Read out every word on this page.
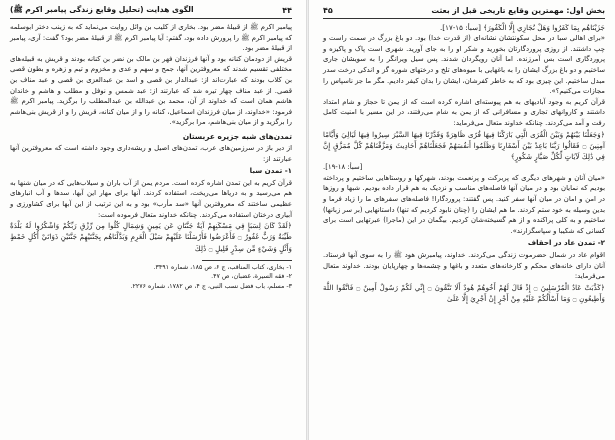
۴۴
الگوی هدایت (تحلیل وقایع زندگی پیامبر اکرم ﷺ)

پیامبر اکرم ﷺ از قبیلهٔ مضر بود. بخاری از کلیب بن وائل روایت می‌نماید که به زینب دختر ابوسلمه که پیامبر اکرم ﷺ را پرورش داده بود، گفتم: آیا پیامبر اکرم ﷺ از قبیلهٔ مضر بود؟ گفت: آری، پیامبر از قبیلهٔ مضر بود.

قریش از دودمان کنانه بود و آنها فرزندان فهر بن مالک بن نضر بن کنانه بودند و قریش به قبیله‌های مختلفی تقسیم شدند که معروفترین آنها، جمح و سهم و عدی و مخزوم و تیم و زهره و بطون قصی بن کلاب بودند که عبارت‌اند از: عبدالدار بن قصی و اسد بن عبدالعزی بن قصی و عبد مناف بن قصی. از عبد مناف چهار تیره شد که عبارتند از: عبد شمس و نوفل و مطلب و هاشم و خاندان هاشم همان است که خداوند از آن، محمد بن عبدالله بن عبدالمطلب را برگزید. پیامبر اکرم ﷺ فرمود: «خداوند، از میان فرزندان اسماعیل، کنانه را و از میان کنانه، قریش را و از قریش بنی‌هاشم را برگزید و از میان بنی‌هاشم، مرا برگزید».

تمدن‌های شبه جزیره عربستان

از دیر باز در سرزمین‌های عرب، تمدن‌های اصیل و ریشه‌داری وجود داشته است که معروفترین آنها عبارتند از:

۱- تمدن سبا

قرآن کریم به این تمدن اشاره کرده است. مردم یمن از آب باران و سیلاب‌هایی که در میان شنها به هم می‌رسید و به دریاها می‌ریخت، استفاده کردند. آنها برای مهار این آبها، سدها و آب انبارهای عظیمی ساختند که معروفترین آنها «سد مأرب» بود و به این ترتیب از این آبها برای کشاورزی و آبیاری درختان استفاده می‌کردند. چنانکه خداوند متعال فرموده است:

﴿لَقَدْ كَانَ لِسَبَإٍ فِي مَسْكَنِهِمْ آيَةٌ جَنَّتَانِ عَن يَمِينٍ وَشِمَالٍ كُلُوا مِن رِّزْقِ رَبِّكُمْ وَاشْكُرُوا لَهُ بَلْدَةٌ طَيِّبَةٌ وَرَبٌّ غَفُورٌ ۝ فَأَعْرَضُوا فَأَرْسَلْنَا عَلَيْهِمْ سَيْلَ الْعَرِمِ وَبَدَّلْنَاهُم بِجَنَّتَيْهِمْ جَنَّتَيْنِ ذَوَاتَيْ أُكُلٍ خَمْطٍ وَأَثْلٍ وَشَيْءٍ مِّن سِدْرٍ قَلِيلٍ ۝ ذَٰلِكَ

۱- بخاری، کتاب المناقب، ج ۶، ص ۱۸۵، شماره ۳۴۹۱.
۲- فقه السیرة، غضبان، ص ۴۷.
۳- مسلم، باب فضل نسب النبی، ج ۴، ص ۱۷۸۲، شماره ۲۲۷۶.
بخش اول: مهمترین وقایع تاریخی قبل از بعثت
۴۵

جَزَيْنَاهُم بِمَا كَفَرُوا وَهَلْ نُجَازِي إِلَّا الْكَفُورَ﴾ [سبأ: ۱۵-۱۷].

«برای اهالی سبا در محل سکونتشان نشانه‌ای (از قدرت خدا) بود. دو باغ بزرگ در سمت راست و چپ داشتند. از روزی پروردگارتان بخورید و شکر او را به جای آورید. شهری است پاک و پاکیزه و پروردگاری است بس آمرزنده. اما آنان رویگردان شدند. پس سیل ویرانگر را به سویشان جاری ساختیم و دو باغ بزرگ ایشان را به باغهایی با میوه‌های تلخ و درختهای شوره گز و اندکی درخت سدر مبدل ساختیم. این چیزی بود که به خاطر کفرشان، ایشان را بدان کیفر دادیم. مگر ما جز ناسپاس را مجازات می‌کنیم؟».

قرآن کریم به وجود آبادیهای به هم پیوسته‌ای اشاره کرده است که از یمن تا حجاز و شام امتداد داشتند و کاروانهای تجاری و مسافرانی که از یمن به شام می‌رفتند، در این مسیر با امنیت کامل رفت و آمد می‌کردند. چنانکه خداوند متعال می‌فرماید:

﴿وَجَعَلْنَا بَيْنَهُمْ وَبَيْنَ الْقُرَى الَّتِي بَارَكْنَا فِيهَا قُرًى ظَاهِرَةً وَقَدَّرْنَا فِيهَا السَّيْرَ سِيرُوا فِيهَا لَيَالِيَ وَأَيَّامًا آمِنِينَ ۝ فَقَالُوا رَبَّنَا بَاعِدْ بَيْنَ أَسْفَارِنَا وَظَلَمُوا أَنفُسَهُمْ فَجَعَلْنَاهُمْ أَحَادِيثَ وَمَزَّقْنَاهُمْ كُلَّ مُمَزَّقٍ إِنَّ فِي ذَٰلِكَ لَآيَاتٍ لِّكُلِّ صَبَّارٍ شَكُورٍ﴾

[سبأ: ۱۸-۱۹].

«میان آنان و شهرهای دیگری که پربرکت و پرنعمت بودند، شهرکها و روستاهایی ساختیم و پرداخته بودیم که نمایان بود و در میان آنها فاصله‌های مناسب و نزدیک به هم قرار داده بودیم. شبها و روزها در امن و امان در میان آنها سفر کنید. پس گفتند: پروردگارا! فاصله‌های سفرهای ما را زیاد فرما و بدین وسیله به خود ستم کردند. ما هم ایشان را (چنان نابود کردیم که تنها) داستانهایی (بر سر زبانها) ساختیم و به کلی پراکنده و از هم گسیخته‌شان کردیم. بیگمان در این (ماجرا) عبرتهایی است برای کسانی که شکیبا و سپاسگزارند».

۲- تمدن عاد در احقاف

اقوام عاد در شمال حضرموت زندگی می‌کردند. خداوند، پیامبرش هود ﷺ را به سوی آنها فرستاد. آنان دارای خانه‌های محکم و کارخانه‌های متعدد و باغها و چشمه‌ها و چهارپایان بودند. خداوند متعال می‌فرماید:

﴿كَذَّبَتْ عَادٌ الْمُرْسَلِينَ ۝ إِذْ قَالَ لَهُمْ أَخُوهُمْ هُودٌ أَلَا تَتَّقُونَ ۝ إِنِّي لَكُمْ رَسُولٌ أَمِينٌ ۝ فَاتَّقُوا اللَّهَ وَأَطِيعُونِ ۝ وَمَا أَسْأَلُكُمْ عَلَيْهِ مِنْ أَجْرٍ إِنْ أَجْرِيَ إِلَّا عَلَىٰ
